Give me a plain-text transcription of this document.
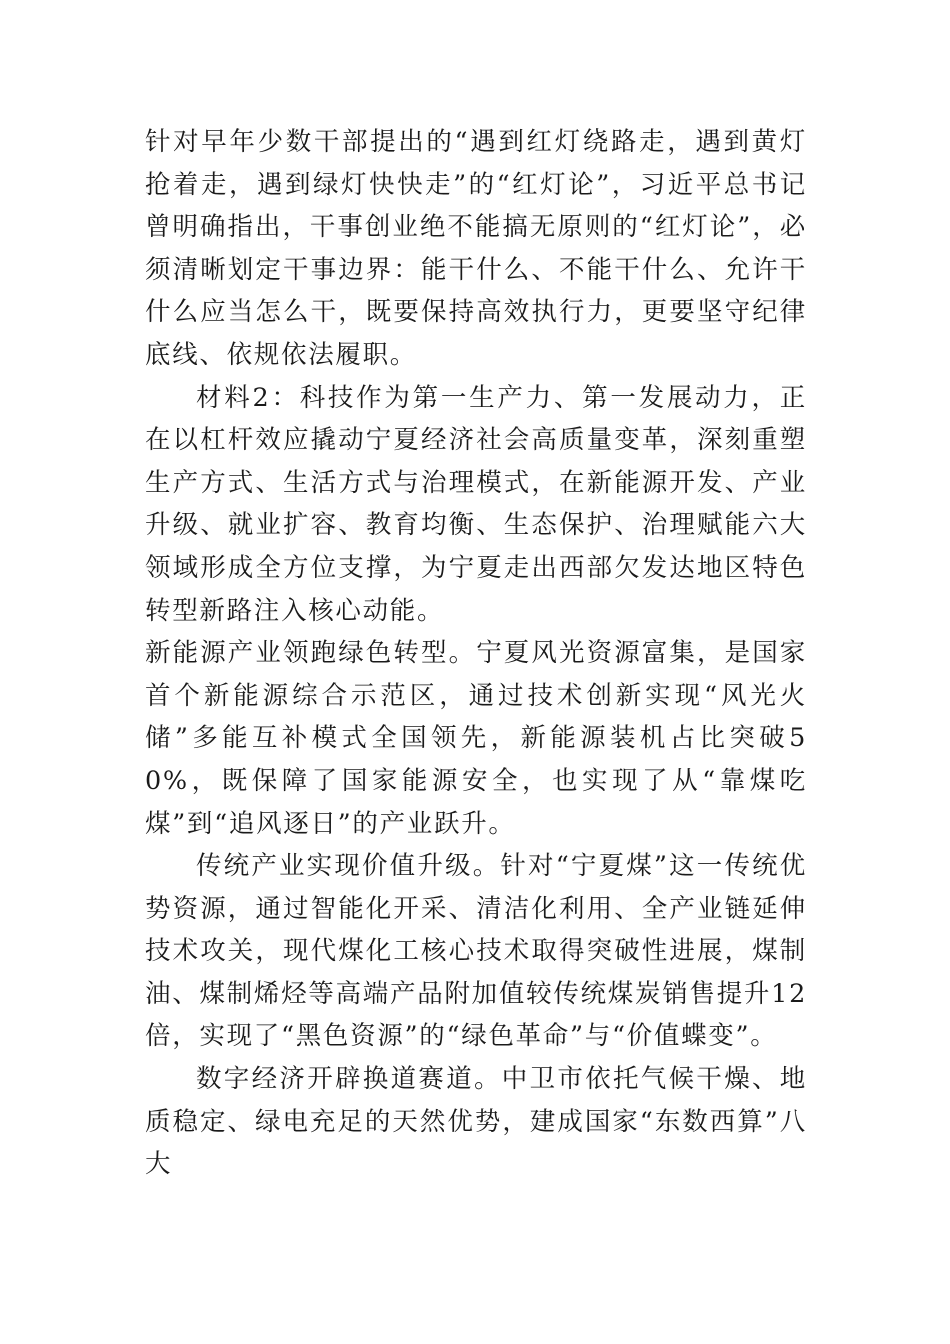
针对早年少数干部提出的“遇到红灯绕路走，遇到黄灯抢着走，遇到绿灯快快走”的“红灯论”，习近平总书记曾明确指出，干事创业绝不能搞无原则的“红灯论”，必须清晰划定干事边界：能干什么、不能干什么、允许干什么应当怎么干，既要保持高效执行力，更要坚守纪律底线、依规依法履职。

材料2：科技作为第一生产力、第一发展动力，正在以杠杆效应撬动宁夏经济社会高质量变革，深刻重塑生产方式、生活方式与治理模式，在新能源开发、产业升级、就业扩容、教育均衡、生态保护、治理赋能六大领域形成全方位支撑，为宁夏走出西部欠发达地区特色转型新路注入核心动能。

新能源产业领跑绿色转型。宁夏风光资源富集，是国家首个新能源综合示范区，通过技术创新实现“风光火储”多能互补模式全国领先，新能源装机占比突破50%，既保障了国家能源安全，也实现了从“靠煤吃煤”到“追风逐日”的产业跃升。

传统产业实现价值升级。针对“宁夏煤”这一传统优势资源，通过智能化开采、清洁化利用、全产业链延伸技术攻关，现代煤化工核心技术取得突破性进展，煤制油、煤制烯烃等高端产品附加值较传统煤炭销售提升12倍，实现了“黑色资源”的“绿色革命”与“价值蝶变”。

数字经济开辟换道赛道。中卫市依托气候干燥、地质稳定、绿电充足的天然优势，建成国家“东数西算”八大
